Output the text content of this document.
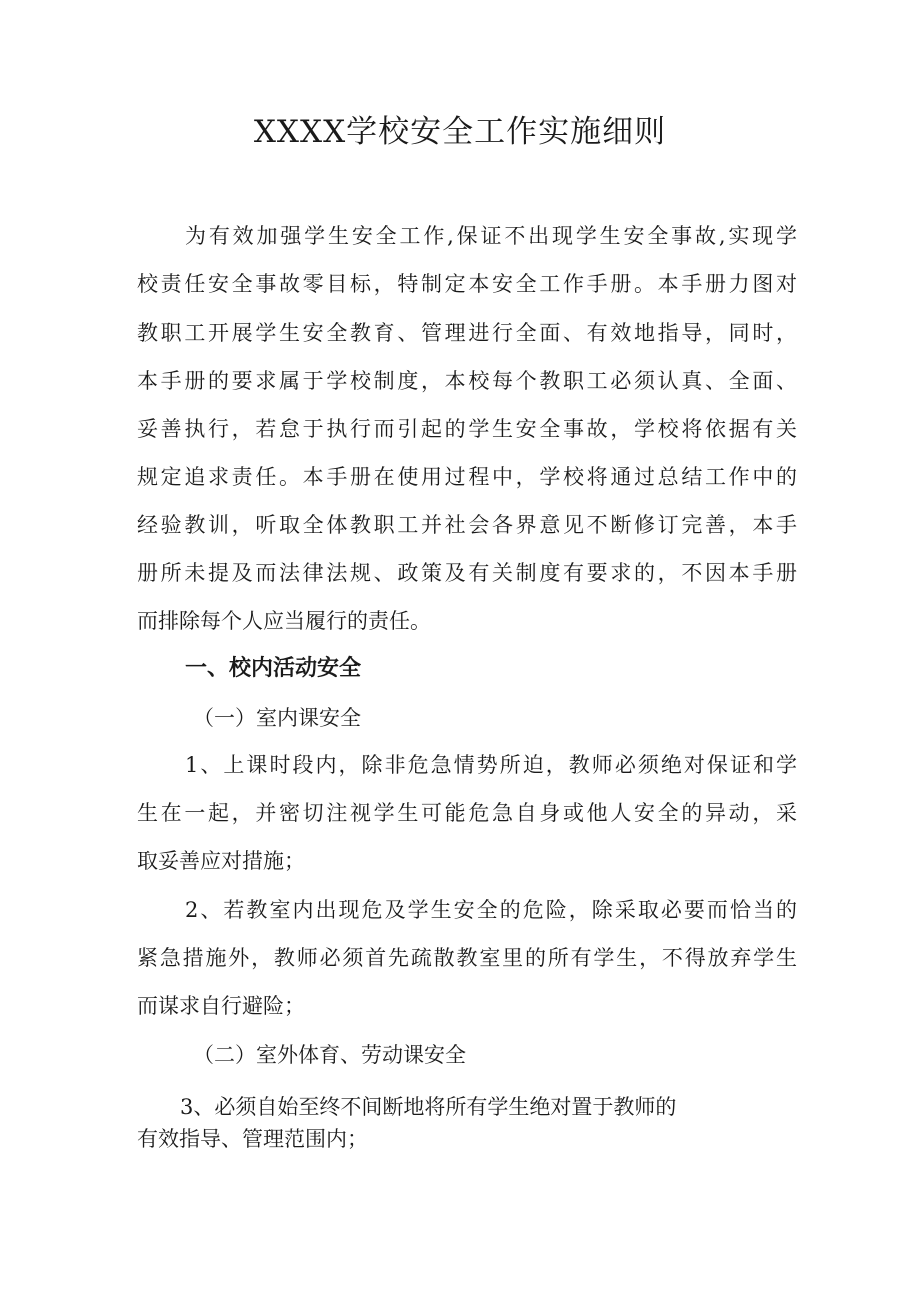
XXXX学校安全工作实施细则

为有效加强学生安全工作,保证不出现学生安全事故,实现学

校责任安全事故零目标，特制定本安全工作手册。本手册力图对

教职工开展学生安全教育、管理进行全面、有效地指导，同时，

本手册的要求属于学校制度，本校每个教职工必须认真、全面、

妥善执行，若怠于执行而引起的学生安全事故，学校将依据有关

规定追求责任。本手册在使用过程中，学校将通过总结工作中的

经验教训，听取全体教职工并社会各界意见不断修订完善，本手

册所未提及而法律法规、政策及有关制度有要求的，不因本手册

而排除每个人应当履行的责任。

一、校内活动安全

（一）室内课安全

1、上课时段内，除非危急情势所迫，教师必须绝对保证和学

生在一起，并密切注视学生可能危急自身或他人安全的异动，采

取妥善应对措施；

2、若教室内出现危及学生安全的危险，除采取必要而恰当的

紧急措施外，教师必须首先疏散教室里的所有学生，不得放弃学生

而谋求自行避险；

（二）室外体育、劳动课安全

3、必须自始至终不间断地将所有学生绝对置于教师的

有效指导、管理范围内；
